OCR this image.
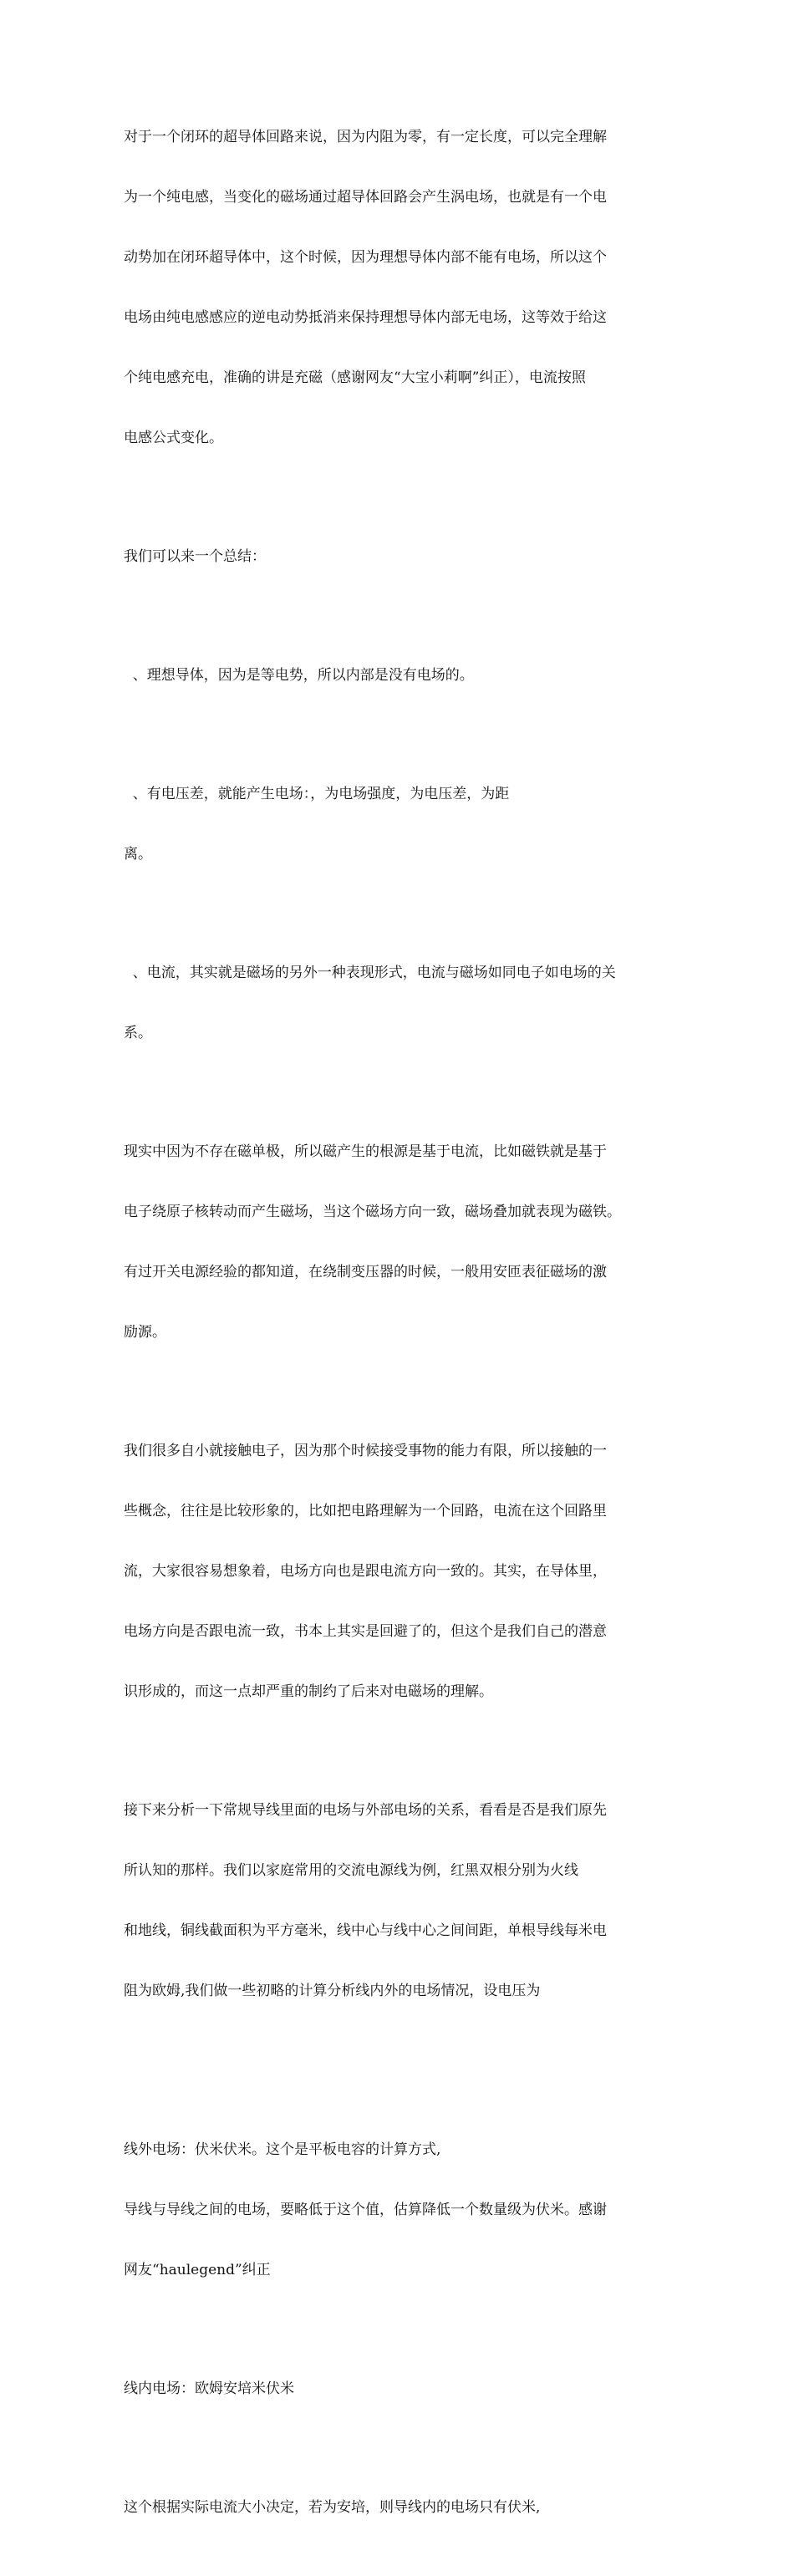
对于一个闭环的超导体回路来说，因为内阻为零，有一定长度，可以完全理解

为一个纯电感，当变化的磁场通过超导体回路会产生涡电场，也就是有一个电

动势加在闭环超导体中，这个时候，因为理想导体内部不能有电场，所以这个

电场由纯电感感应的逆电动势抵消来保持理想导体内部无电场，这等效于给这

个纯电感充电，准确的讲是充磁（感谢网友“大宝小莉啊”纠正），电流按照

电感公式变化。

我们可以来一个总结：

、理想导体，因为是等电势，所以内部是没有电场的。

、有电压差，就能产生电场：，为电场强度，为电压差，为距

离。

、电流，其实就是磁场的另外一种表现形式，电流与磁场如同电子如电场的关

系。

现实中因为不存在磁单极，所以磁产生的根源是基于电流，比如磁铁就是基于

电子绕原子核转动而产生磁场，当这个磁场方向一致，磁场叠加就表现为磁铁。

有过开关电源经验的都知道，在绕制变压器的时候，一般用安匝表征磁场的激

励源。

我们很多自小就接触电子，因为那个时候接受事物的能力有限，所以接触的一

些概念，往往是比较形象的，比如把电路理解为一个回路，电流在这个回路里

流，大家很容易想象着，电场方向也是跟电流方向一致的。其实，在导体里，

电场方向是否跟电流一致，书本上其实是回避了的，但这个是我们自己的潜意

识形成的，而这一点却严重的制约了后来对电磁场的理解。

接下来分析一下常规导线里面的电场与外部电场的关系，看看是否是我们原先

所认知的那样。我们以家庭常用的交流电源线为例，红黑双根分别为火线

和地线，铜线截面积为平方毫米，线中心与线中心之间间距，单根导线每米电

阻为欧姆,我们做一些初略的计算分析线内外的电场情况，设电压为

线外电场：伏米伏米。这个是平板电容的计算方式,

导线与导线之间的电场，要略低于这个值，估算降低一个数量级为伏米。感谢

网友“haulegend”纠正

线内电场：欧姆安培米伏米

这个根据实际电流大小决定，若为安培，则导线内的电场只有伏米,
